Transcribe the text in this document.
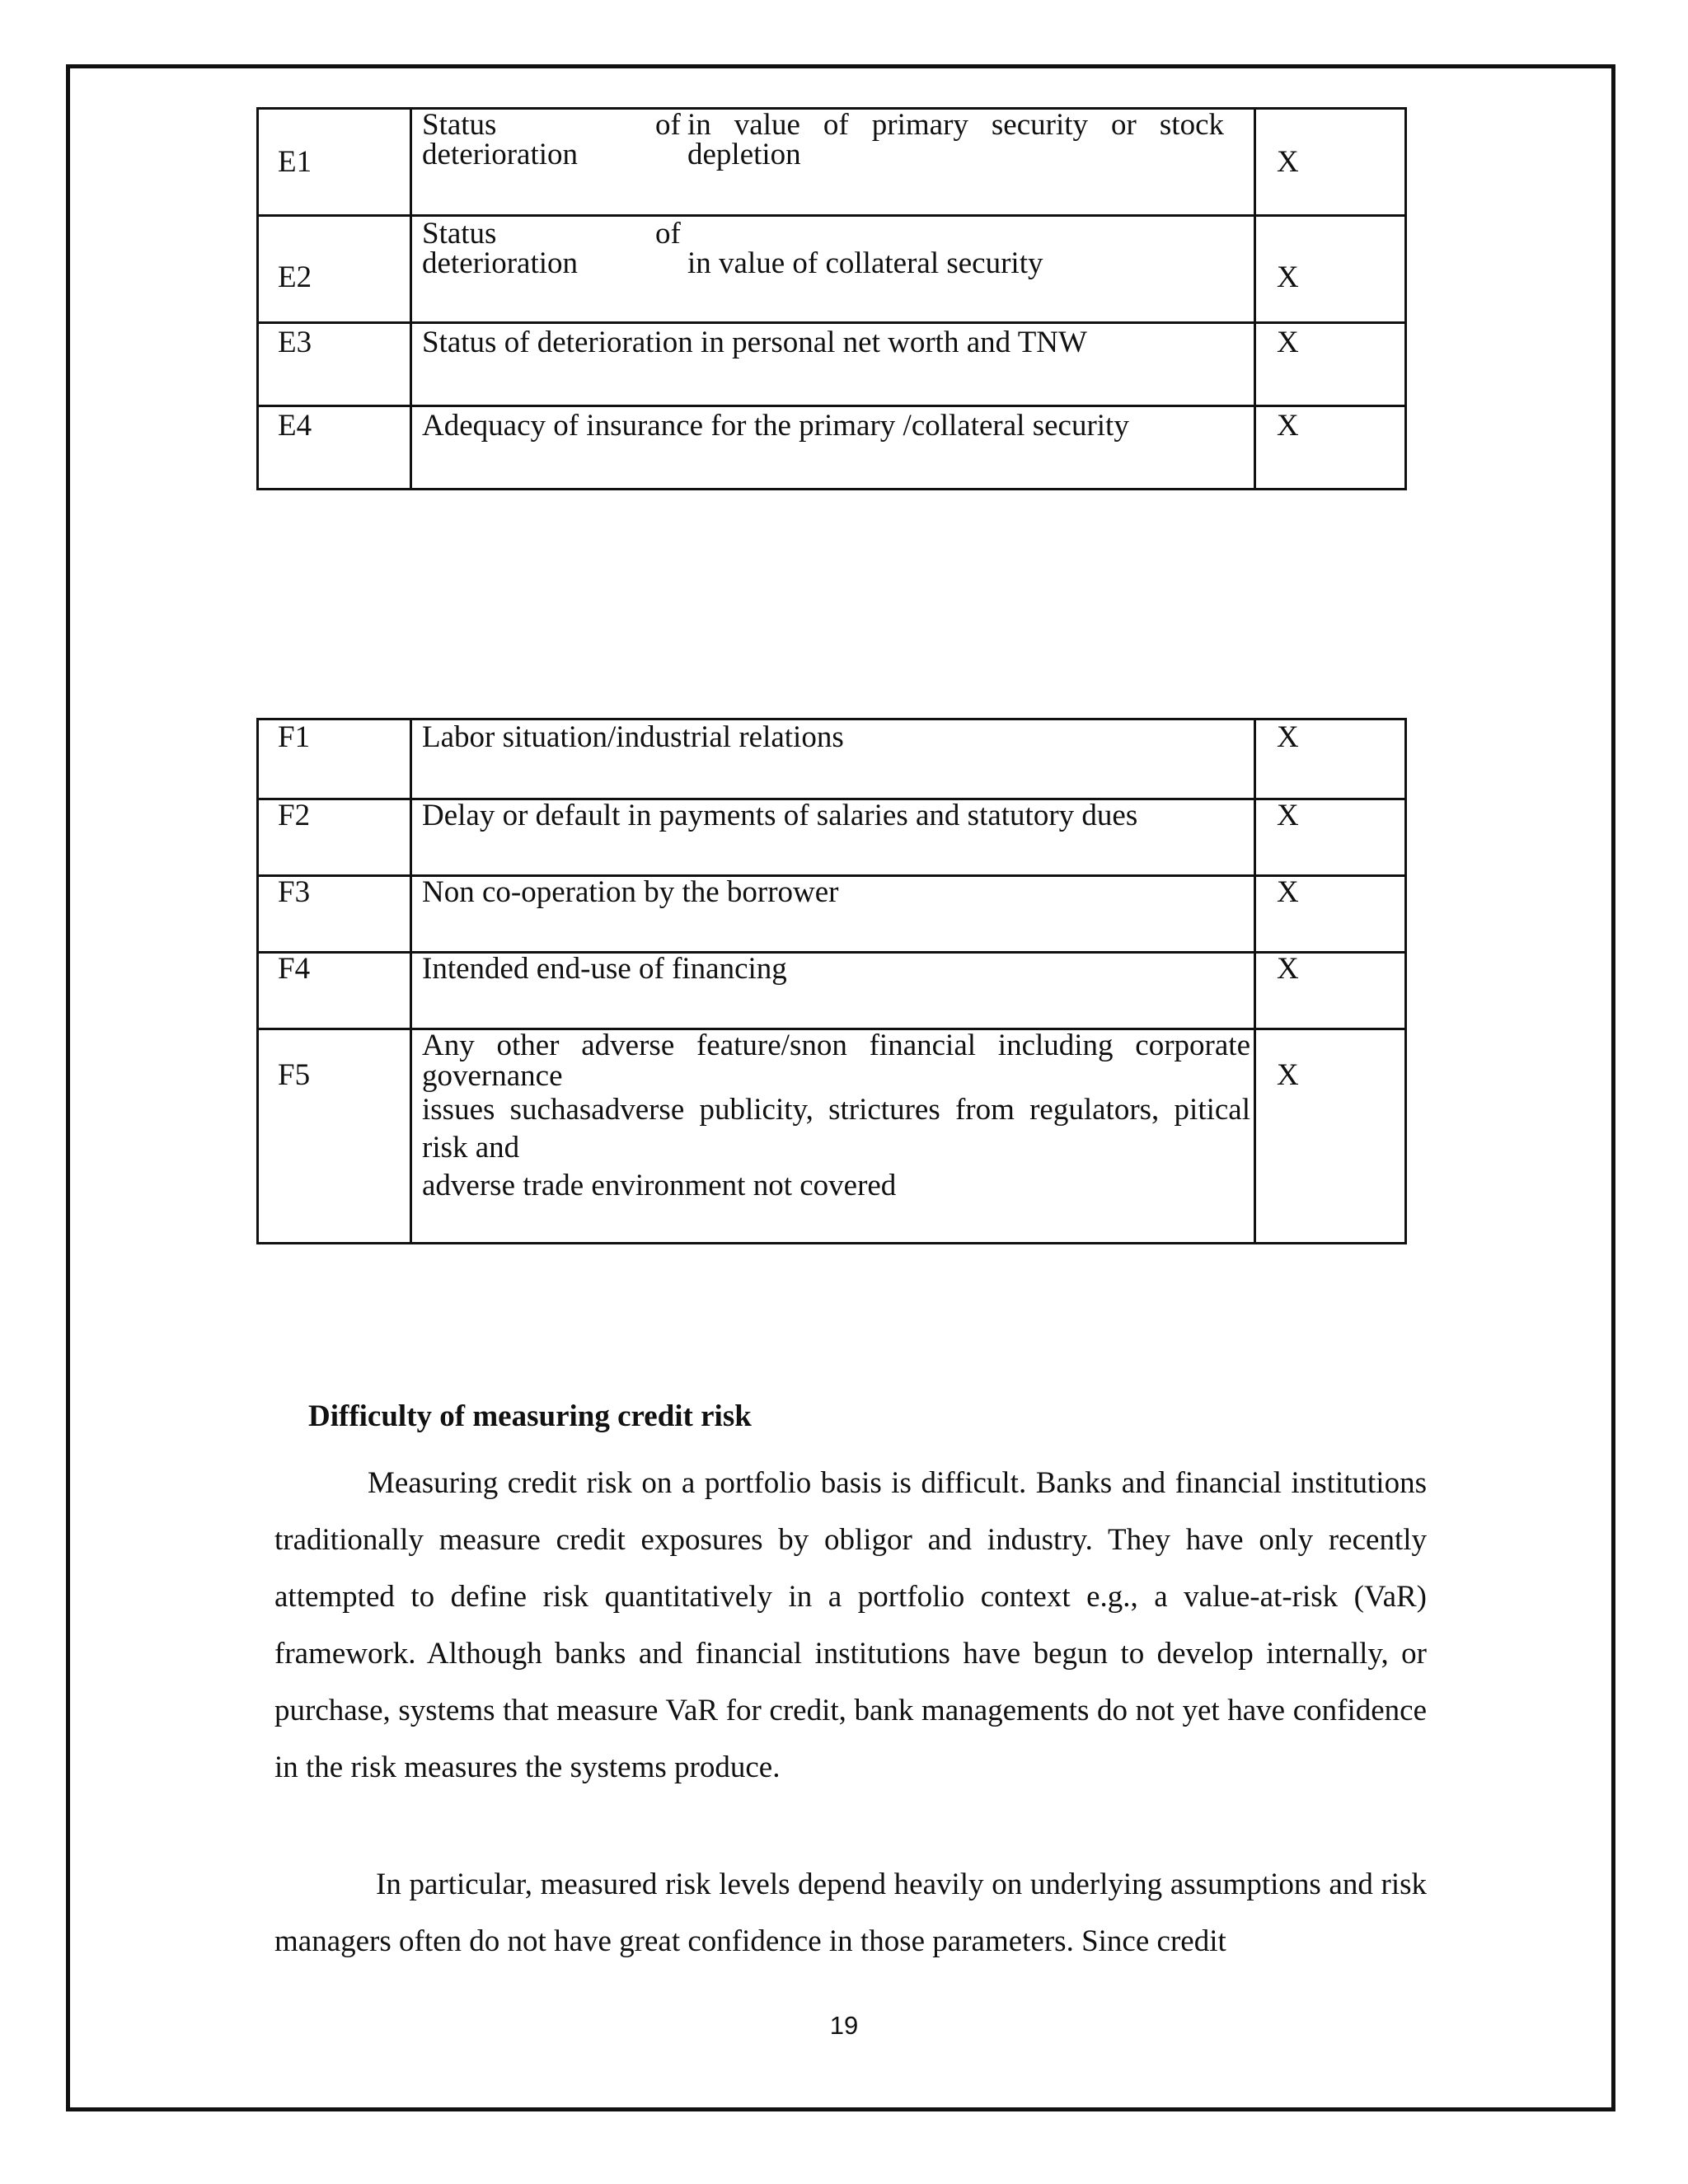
E1	Status
deterioration
of in value of primary security or stock
depletion	X
E2	Status
deterioration
of
in value of collateral security	X
E3	Status of deterioration in personal net worth and TNW	X
E4	Adequacy of insurance for the primary /collateral security	X
F1	Labor situation/industrial relations	X
F2	Delay or default in payments of salaries and statutory dues	X
F3	Non co-operation by the borrower	X
F4	Intended end-use of financing	X
F5	Any other adverse feature/snon financial including corporate
governance
issues suchasadverse publicity, strictures from regulators, pitical
risk and
adverse trade environment not covered	X
Difficulty of measuring credit risk
Measuring credit risk on a portfolio basis is difficult. Banks and financial institutions traditionally measure credit exposures by obligor and industry. They have only recently attempted to define risk quantitatively in a portfolio context e.g., a value-at-risk (VaR) framework. Although banks and financial institutions have begun to develop internally, or purchase, systems that measure VaR for credit, bank managements do not yet have confidence in the risk measures the systems produce.
In particular, measured risk levels depend heavily on underlying assumptions and risk managers often do not have great confidence in those parameters. Since credit
19
